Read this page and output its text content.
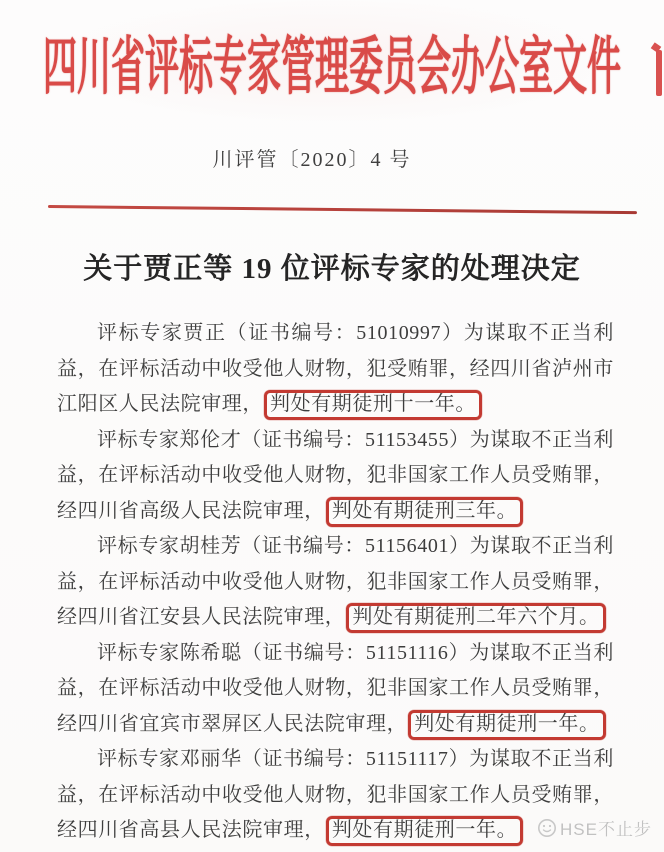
四川省评标专家管理委员会办公室文件
川评管〔2020〕4 号
关于贾正等 19 位评标专家的处理决定

评标专家贾正（证书编号：51010997）为谋取不正当利益，在评标活动中收受他人财物，犯受贿罪，经四川省泸州市江阳区人民法院审理， 判处有期徒刑十一年。

评标专家郑伦才（证书编号：51153455）为谋取不正当利益，在评标活动中收受他人财物，犯非国家工作人员受贿罪，经四川省高级人民法院审理， 判处有期徒刑三年。

评标专家胡桂芳（证书编号：51156401）为谋取不正当利益，在评标活动中收受他人财物，犯非国家工作人员受贿罪，经四川省江安县人民法院审理， 判处有期徒刑二年六个月。

评标专家陈希聪（证书编号：51151116）为谋取不正当利益，在评标活动中收受他人财物，犯非国家工作人员受贿罪，经四川省宜宾市翠屏区人民法院审理， 判处有期徒刑一年。

评标专家邓丽华（证书编号：51151117）为谋取不正当利益，在评标活动中收受他人财物，犯非国家工作人员受贿罪，经四川省高县人民法院审理， 判处有期徒刑一年。	HSE不止步
